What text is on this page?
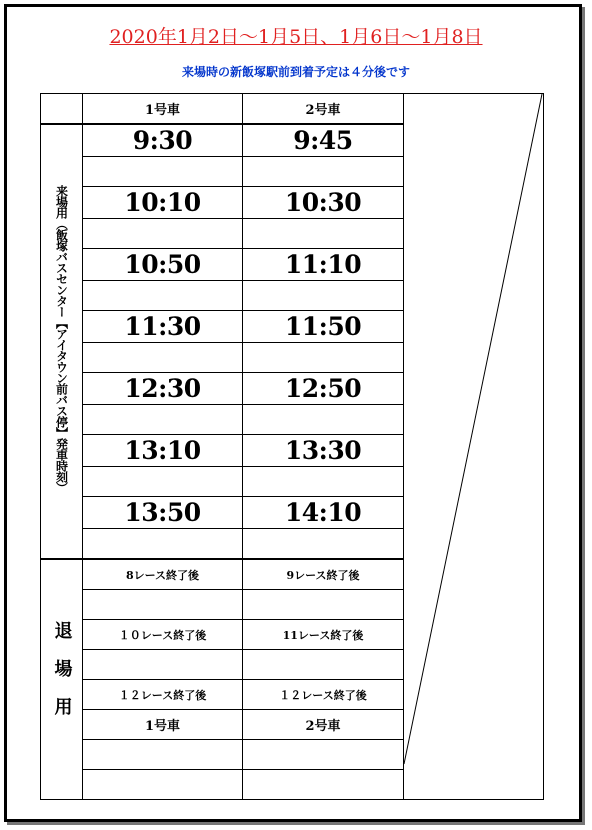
2020年1月2日〜1月5日、1月6日〜1月8日
来場時の新飯塚駅前到着予定は４分後です
	1号車	2号車	

来場用（飯塚バスセンター【アイタウン前バス停】発車時刻）	9:30	9:45	

	10:10	10:30	

	10:50	11:10	

	11:30	11:50	

	12:30	12:50	

	13:10	13:30	

	13:50	14:10	

退場用	8レース終了後	9レース終了後	

	１０レース終了後	11レース終了後	

	１２レース終了後	１２レース終了後	
	1号車	2号車	
